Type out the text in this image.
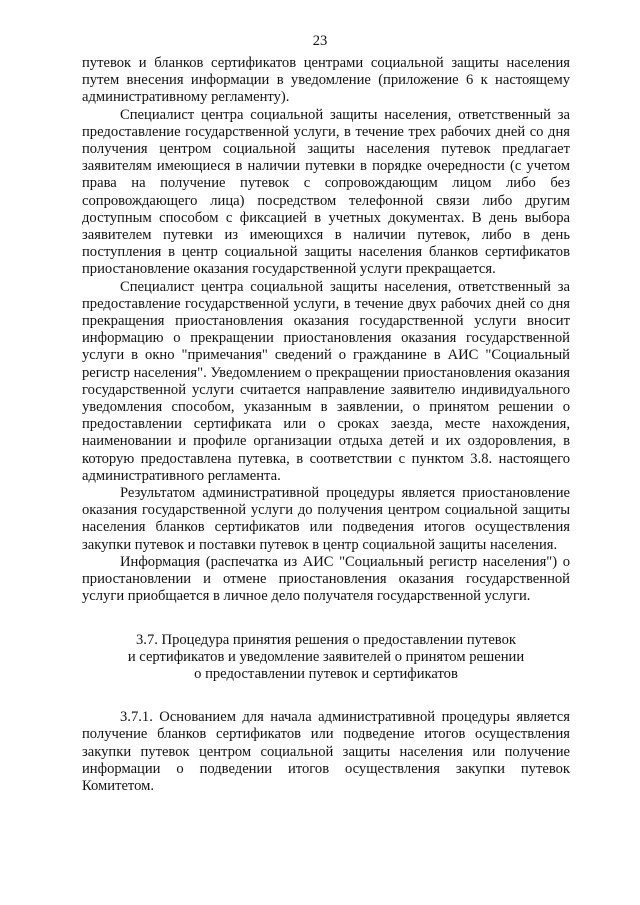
23

путевок и бланков сертификатов центрами социальной защиты населения путем внесения информации в уведомление (приложение 6 к настоящему административному регламенту).

Специалист центра социальной защиты населения, ответственный за предоставление государственной услуги, в течение трех рабочих дней со дня получения центром социальной защиты населения путевок предлагает заявителям имеющиеся в наличии путевки в порядке очередности (с учетом права на получение путевок с сопровождающим лицом либо без сопровождающего лица) посредством телефонной связи либо другим доступным способом с фиксацией в учетных документах. В день выбора заявителем путевки из имеющихся в наличии путевок, либо в день поступления в центр социальной защиты населения бланков сертификатов приостановление оказания государственной услуги прекращается.

Специалист центра социальной защиты населения, ответственный за предоставление государственной услуги, в течение двух рабочих дней со дня прекращения приостановления оказания государственной услуги вносит информацию о прекращении приостановления оказания государственной услуги в окно "примечания" сведений о гражданине в АИС "Социальный регистр населения". Уведомлением о прекращении приостановления оказания государственной услуги считается направление заявителю индивидуального уведомления способом, указанным в заявлении, о принятом решении о предоставлении сертификата или о сроках заезда, месте нахождения, наименовании и профиле организации отдыха детей и их оздоровления, в которую предоставлена путевка, в соответствии с пунктом 3.8. настоящего административного регламента.

Результатом административной процедуры является приостановление оказания государственной услуги до получения центром социальной защиты населения бланков сертификатов или подведения итогов осуществления закупки путевок и поставки путевок в центр социальной защиты населения.

Информация (распечатка из АИС "Социальный регистр населения") о приостановлении и отмене приостановления оказания государственной услуги приобщается в личное дело получателя государственной услуги.

3.7. Процедура принятия решения о предоставлении путевок
и сертификатов и уведомление заявителей о принятом решении
о предоставлении путевок и сертификатов

3.7.1. Основанием для начала административной процедуры является получение бланков сертификатов или подведение итогов осуществления закупки путевок центром социальной защиты населения или получение информации о подведении итогов осуществления закупки путевок Комитетом.
